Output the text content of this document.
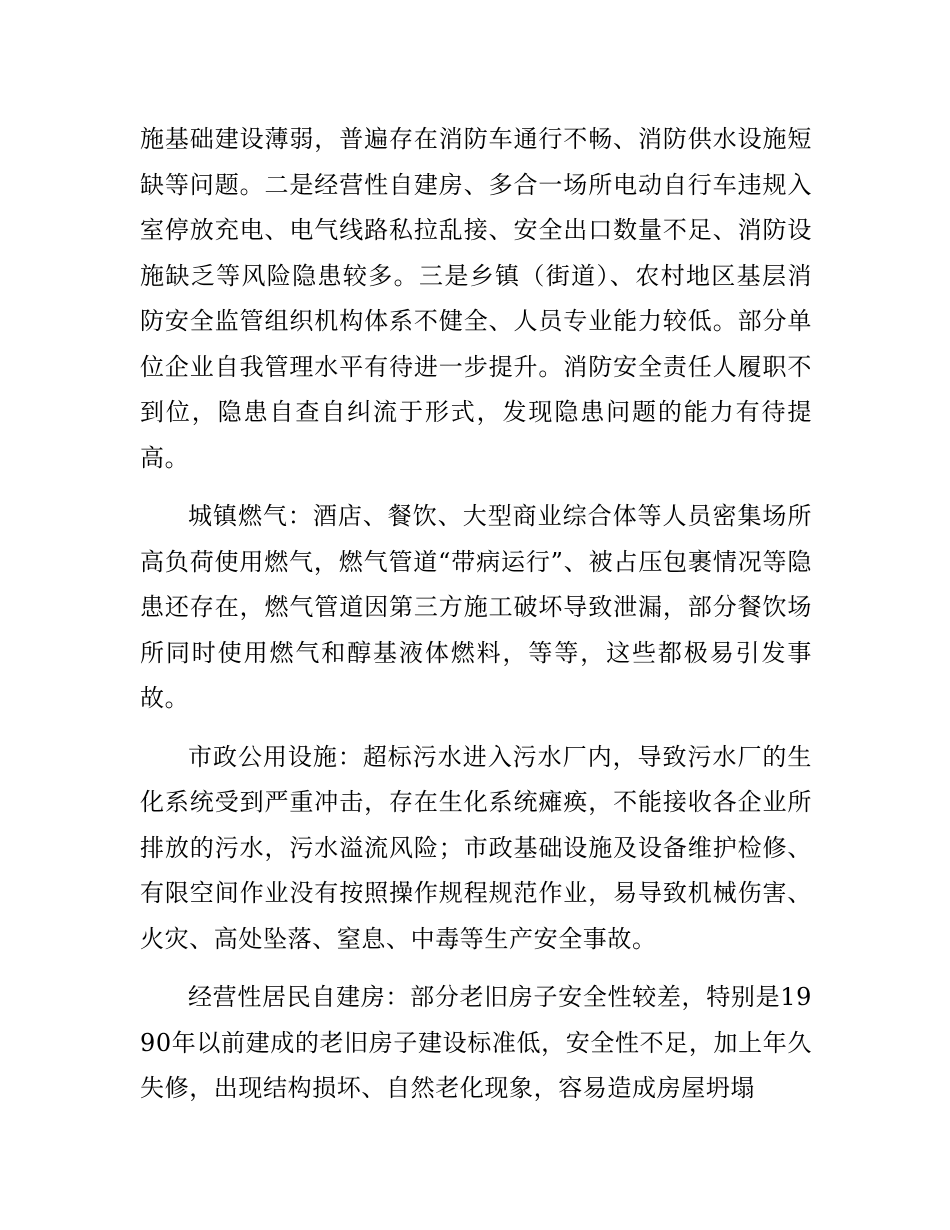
施基础建设薄弱，普遍存在消防车通行不畅、消防供水设施短缺等问题。二是经营性自建房、多合一场所电动自行车违规入室停放充电、电气线路私拉乱接、安全出口数量不足、消防设施缺乏等风险隐患较多。三是乡镇（街道）、农村地区基层消防安全监管组织机构体系不健全、人员专业能力较低。部分单位企业自我管理水平有待进一步提升。消防安全责任人履职不到位，隐患自查自纠流于形式，发现隐患问题的能力有待提高。

城镇燃气：酒店、餐饮、大型商业综合体等人员密集场所高负荷使用燃气，燃气管道“带病运行”、被占压包裹情况等隐患还存在，燃气管道因第三方施工破坏导致泄漏，部分餐饮场所同时使用燃气和醇基液体燃料，等等，这些都极易引发事故。

市政公用设施：超标污水进入污水厂内，导致污水厂的生化系统受到严重冲击，存在生化系统瘫痪，不能接收各企业所排放的污水，污水溢流风险；市政基础设施及设备维护检修、有限空间作业没有按照操作规程规范作业，易导致机械伤害、火灾、高处坠落、窒息、中毒等生产安全事故。

经营性居民自建房：部分老旧房子安全性较差，特别是1990年以前建成的老旧房子建设标准低，安全性不足，加上年久失修，出现结构损坏、自然老化现象，容易造成房屋坍塌
